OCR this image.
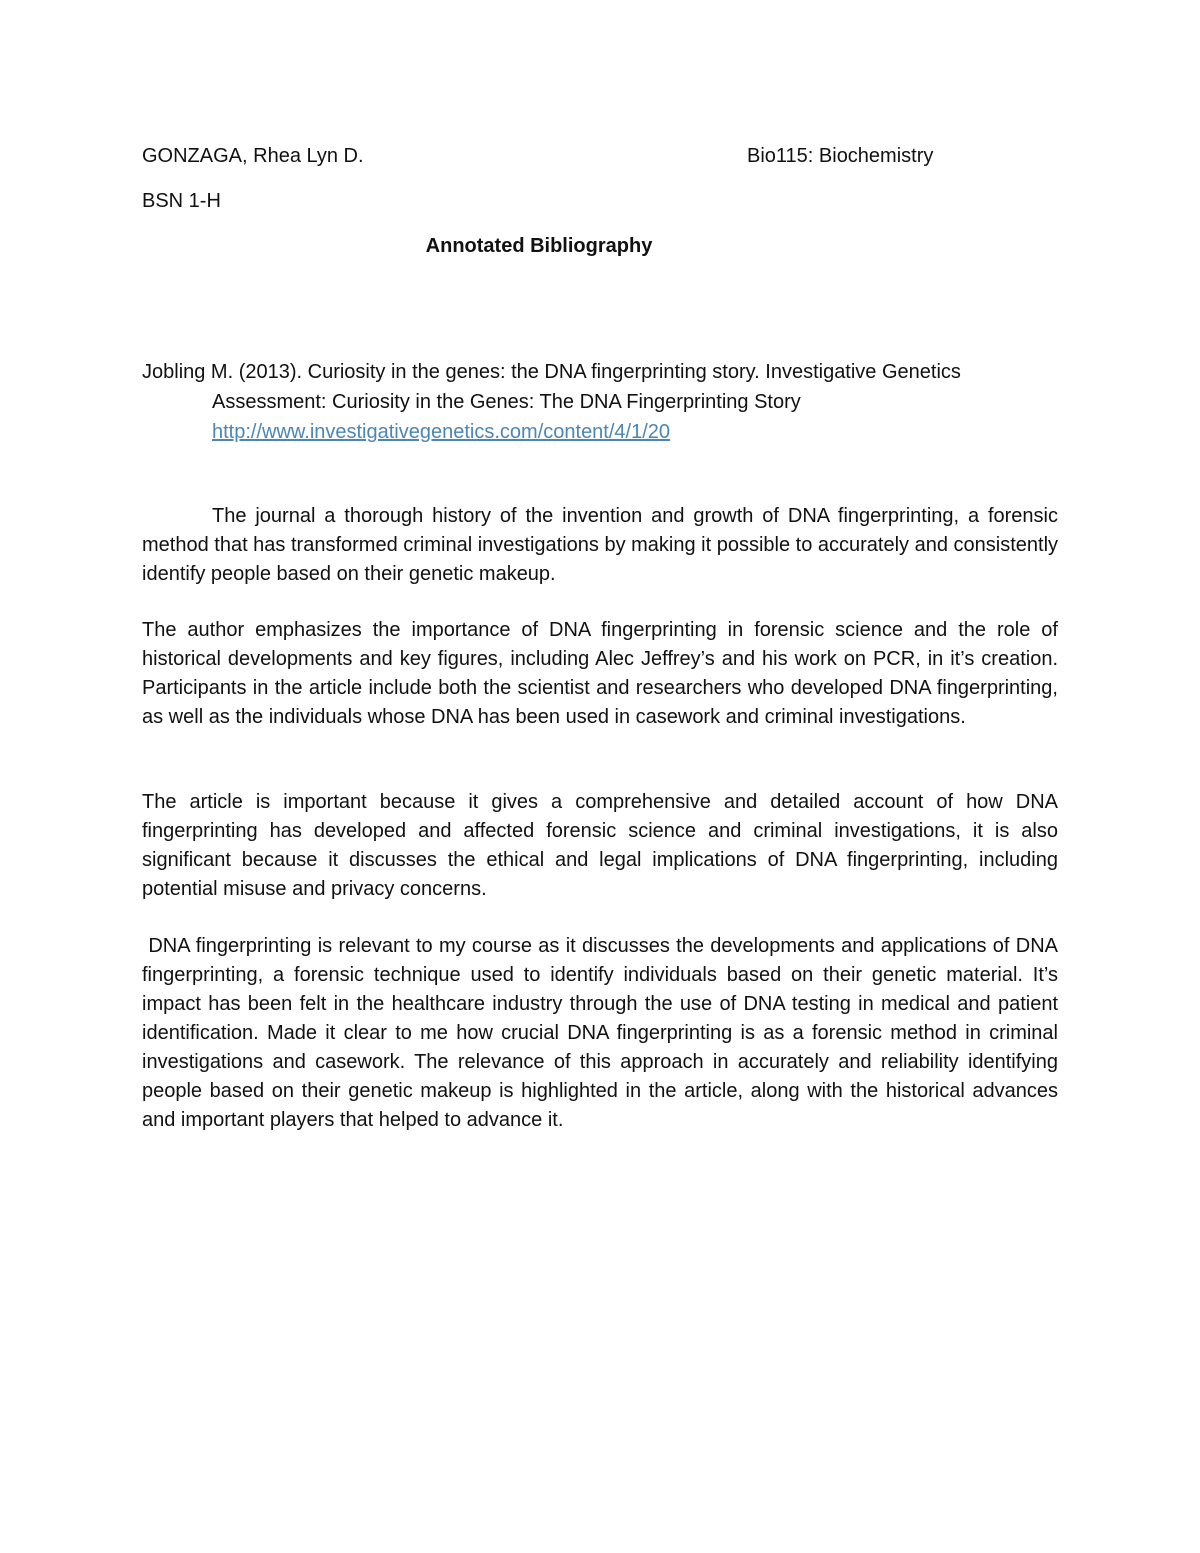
GONZAGA, Rhea Lyn D.	Bio115: Biochemistry
BSN 1-H
Annotated Bibliography
Jobling M. (2013). Curiosity in the genes: the DNA fingerprinting story. Investigative Genetics
Assessment: Curiosity in the Genes: The DNA Fingerprinting Story
http://www.investigativegenetics.com/content/4/1/20

The journal a thorough history of the invention and growth of DNA fingerprinting, a forensic method that has transformed criminal investigations by making it possible to accurately and consistently identify people based on their genetic makeup.

The author emphasizes the importance of DNA fingerprinting in forensic science and the role of historical developments and key figures, including Alec Jeffrey’s and his work on PCR, in it’s creation. Participants in the article include both the scientist and researchers who developed DNA fingerprinting, as well as the individuals whose DNA has been used in casework and criminal investigations.

The article is important because it gives a comprehensive and detailed account of how DNA fingerprinting has developed and affected forensic science and criminal investigations, it is also significant because it discusses the ethical and legal implications of DNA fingerprinting, including potential misuse and privacy concerns.

DNA fingerprinting is relevant to my course as it discusses the developments and applications of DNA fingerprinting, a forensic technique used to identify individuals based on their genetic material. It’s impact has been felt in the healthcare industry through the use of DNA testing in medical and patient identification. Made it clear to me how crucial DNA fingerprinting is as a forensic method in criminal investigations and casework. The relevance of this approach in accurately and reliability identifying people based on their genetic makeup is highlighted in the article, along with the historical advances and important players that helped to advance it.
